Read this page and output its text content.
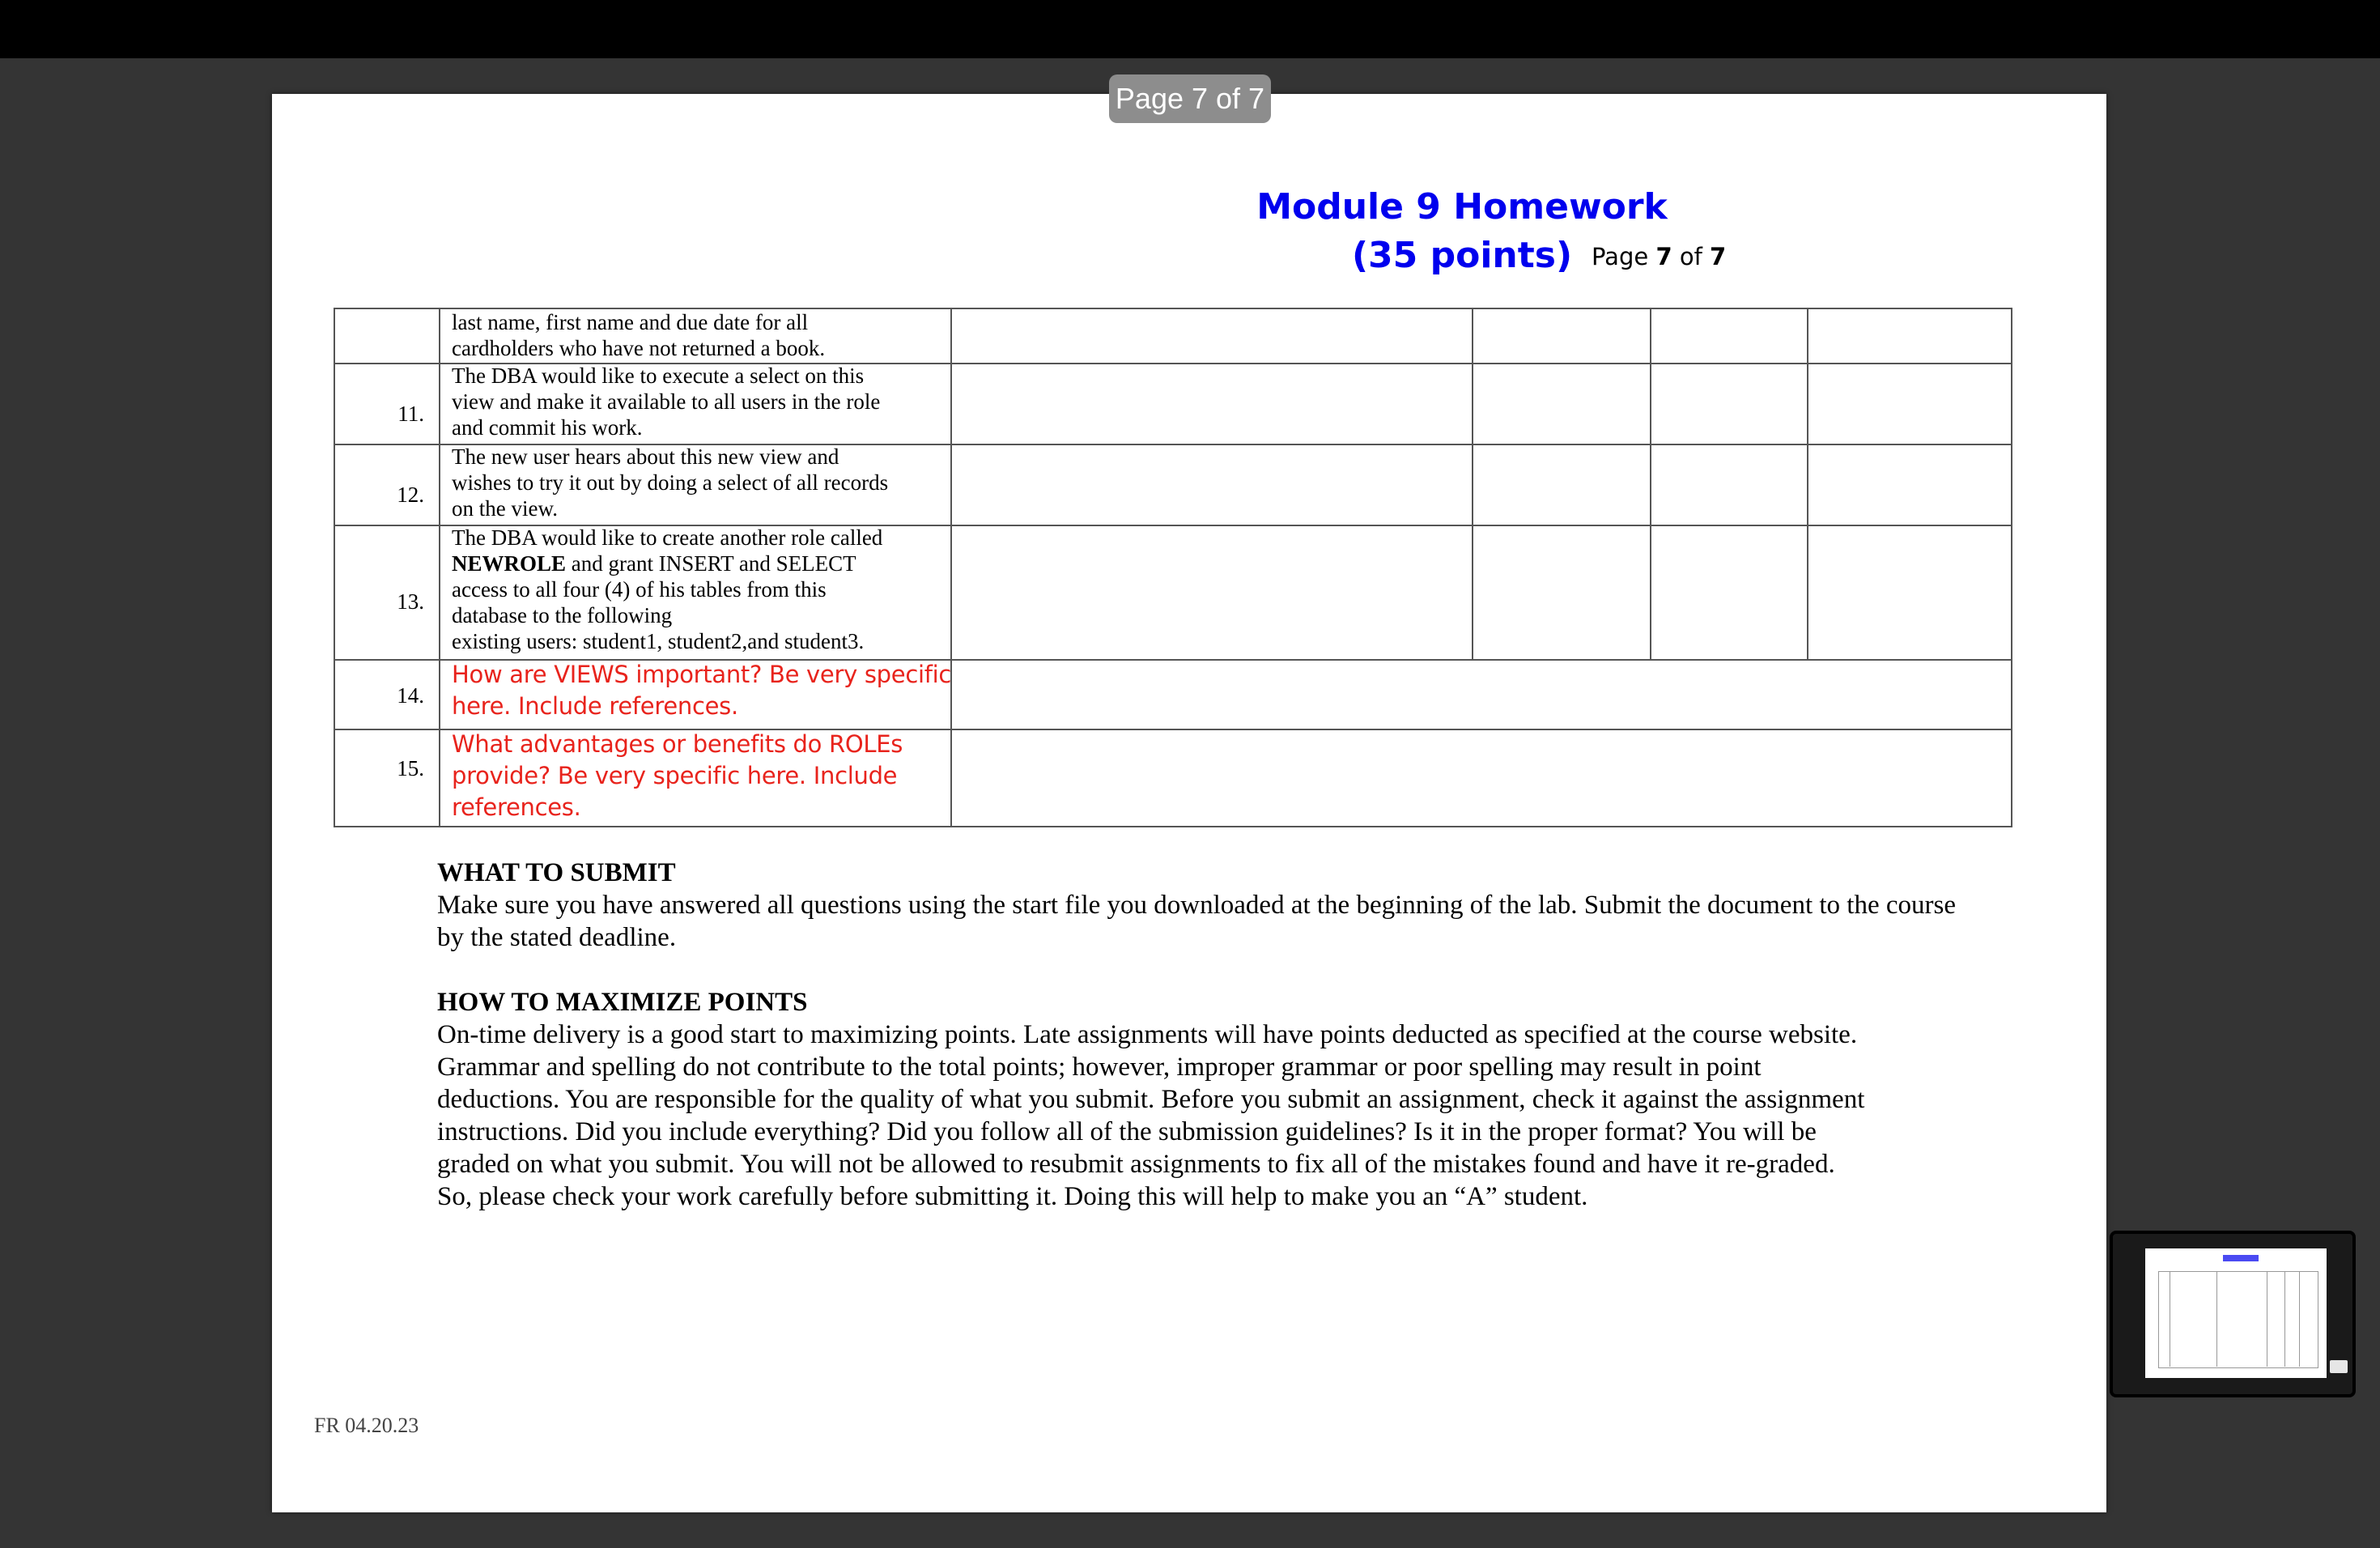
Module 9 Homework
(35 points) Page 7 of 7
last name, first name and due date for all
cardholders who have not returned a book.
11.
The DBA would like to execute a select on this
view and make it available to all users in the role
and commit his work.
12.
The new user hears about this new view and
wishes to try it out by doing a select of all records
on the view.
13.
The DBA would like to create another role called
NEWROLE and grant INSERT and SELECT
access to all four (4) of his tables from this
database to the following
existing users: student1, student2,and student3.
14.
How are VIEWS important? Be very specific
here. Include references.
15.
What advantages or benefits do ROLEs
provide? Be very specific here. Include
references.
WHAT TO SUBMIT
Make sure you have answered all questions using the start file you downloaded at the beginning of the lab. Submit the document to the course
by the stated deadline.
HOW TO MAXIMIZE POINTS
On-time delivery is a good start to maximizing points. Late assignments will have points deducted as specified at the course website.
Grammar and spelling do not contribute to the total points; however, improper grammar or poor spelling may result in point
deductions. You are responsible for the quality of what you submit. Before you submit an assignment, check it against the assignment
instructions. Did you include everything? Did you follow all of the submission guidelines? Is it in the proper format? You will be
graded on what you submit. You will not be allowed to resubmit assignments to fix all of the mistakes found and have it re-graded.
So, please check your work carefully before submitting it. Doing this will help to make you an “A” student.
FR 04.20.23
Page 7 of 7
